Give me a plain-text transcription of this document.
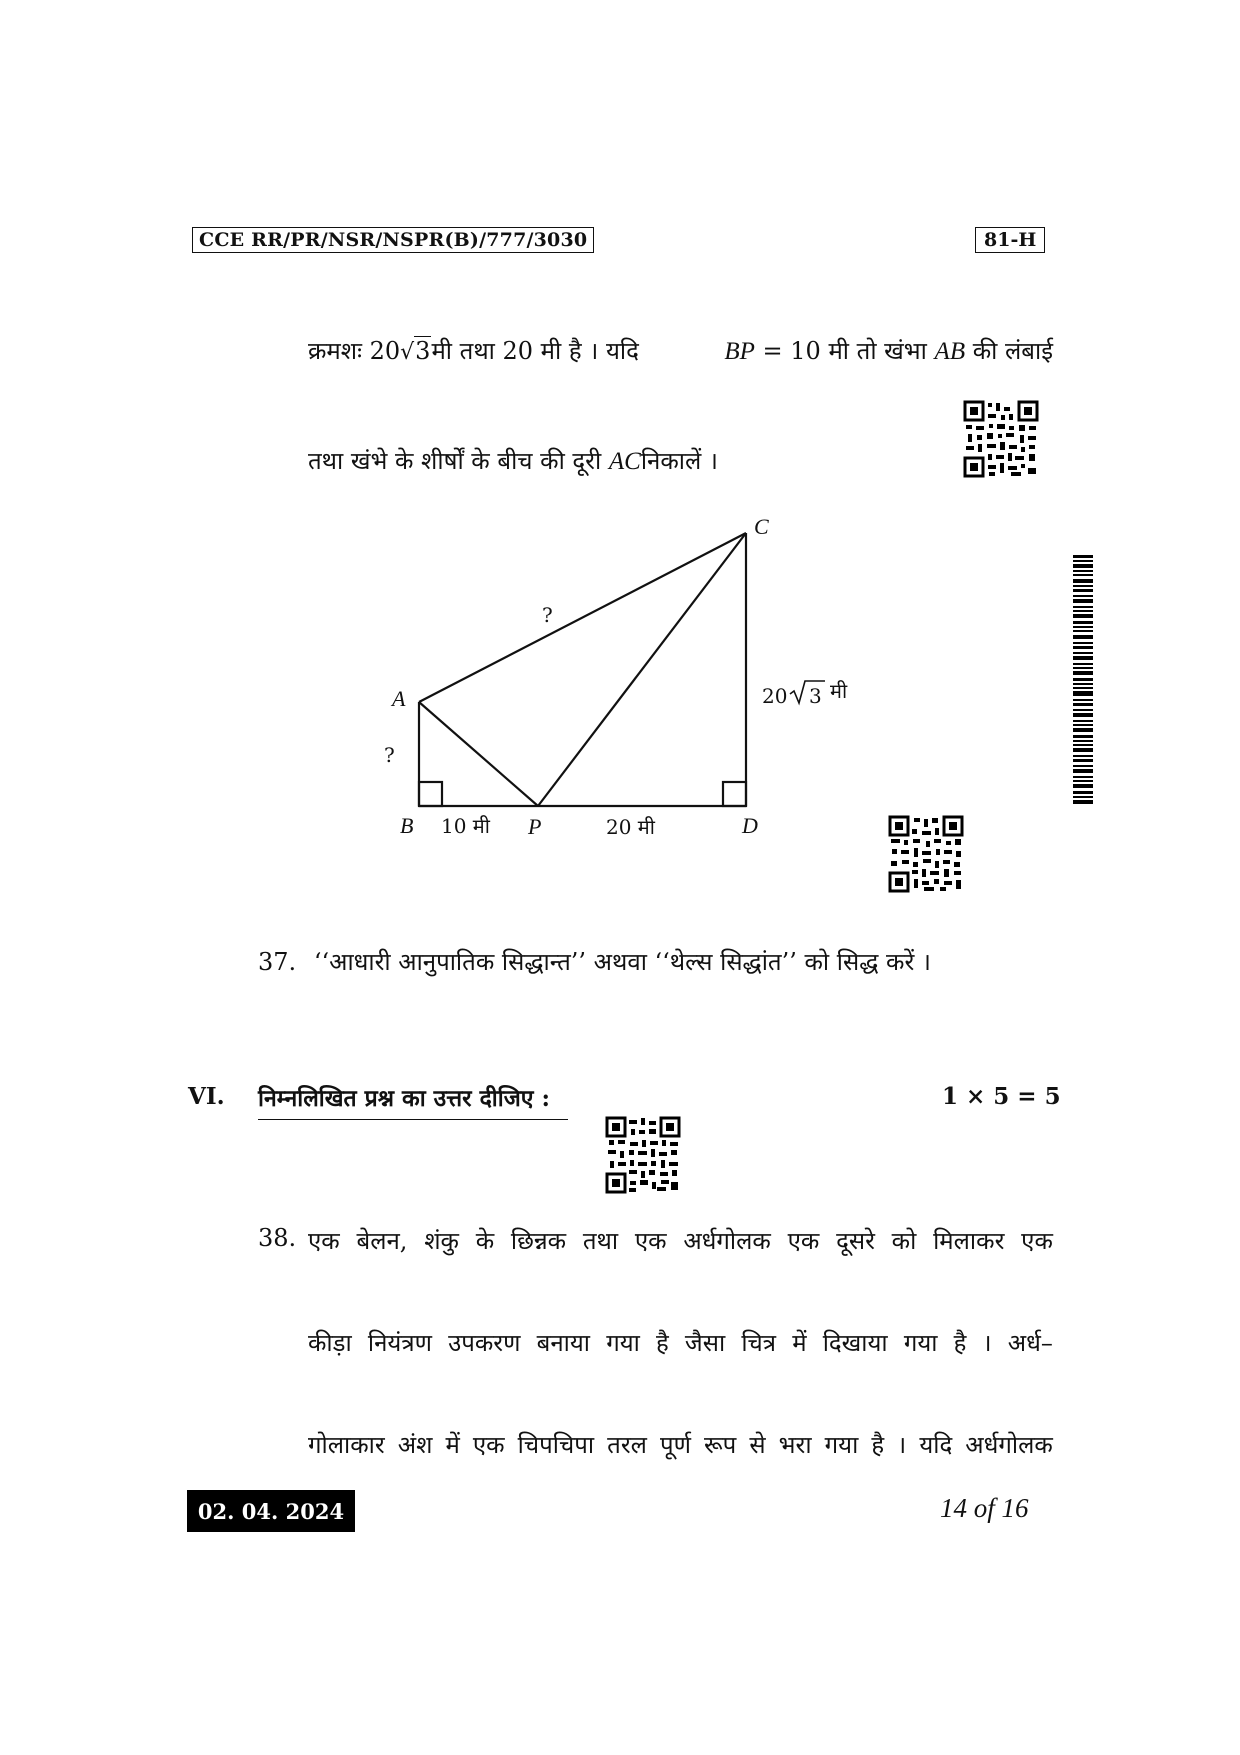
CCE RR/PR/NSR/NSPR(B)/777/3030	81-H
क्रमशः 20√3मी तथा 20 मी है । यदि	BP = 10 मी तो खंभा AB की लंबाई
तथा खंभे के शीर्षों के बीच की दूरी ACनिकालें ।
C
A
B	P	D
?
?
10 मी	20 मी
20 3 मी
37. ‘‘आधारी आनुपातिक सिद्धान्त’’ अथवा ‘‘थेल्स सिद्धांत’’ को सिद्ध करें ।
VI. निम्नलिखित प्रश्न का उत्तर दीजिए :	1 × 5 = 5
38. एक बेलन, शंकु के छिन्नक तथा एक अर्धगोलक एक दूसरे को मिलाकर एक
कीड़ा नियंत्रण उपकरण बनाया गया है जैसा चित्र में दिखाया गया है । अर्ध–
गोलाकार अंश में एक चिपचिपा तरल पूर्ण रूप से भरा गया है । यदि अर्धगोलक
02. 04. 2024	14 of 16
